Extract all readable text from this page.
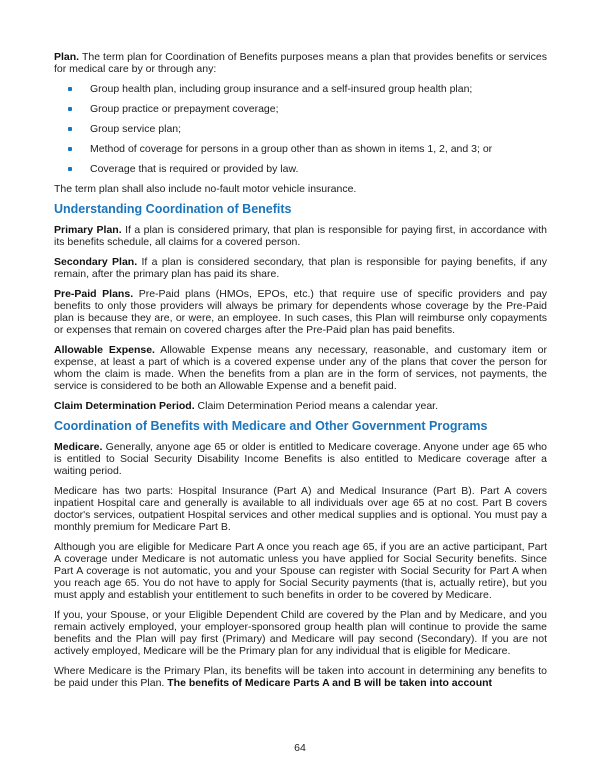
Plan. The term plan for Coordination of Benefits purposes means a plan that provides benefits or services for medical care by or through any:

Group health plan, including group insurance and a self-insured group health plan;
Group practice or prepayment coverage;
Group service plan;
Method of coverage for persons in a group other than as shown in items 1, 2, and 3; or
Coverage that is required or provided by law.

The term plan shall also include no-fault motor vehicle insurance.

Understanding Coordination of Benefits

Primary Plan. If a plan is considered primary, that plan is responsible for paying first, in accordance with its benefits schedule, all claims for a covered person.

Secondary Plan. If a plan is considered secondary, that plan is responsible for paying benefits, if any remain, after the primary plan has paid its share.

Pre-Paid Plans. Pre-Paid plans (HMOs, EPOs, etc.) that require use of specific providers and pay benefits to only those providers will always be primary for dependents whose coverage by the Pre-Paid plan is because they are, or were, an employee. In such cases, this Plan will reimburse only copayments or expenses that remain on covered charges after the Pre-Paid plan has paid benefits.

Allowable Expense. Allowable Expense means any necessary, reasonable, and customary item or expense, at least a part of which is a covered expense under any of the plans that cover the person for whom the claim is made. When the benefits from a plan are in the form of services, not payments, the service is considered to be both an Allowable Expense and a benefit paid.

Claim Determination Period. Claim Determination Period means a calendar year.

Coordination of Benefits with Medicare and Other Government Programs

Medicare. Generally, anyone age 65 or older is entitled to Medicare coverage. Anyone under age 65 who is entitled to Social Security Disability Income Benefits is also entitled to Medicare coverage after a waiting period.

Medicare has two parts: Hospital Insurance (Part A) and Medical Insurance (Part B). Part A covers inpatient Hospital care and generally is available to all individuals over age 65 at no cost. Part B covers doctor's services, outpatient Hospital services and other medical supplies and is optional. You must pay a monthly premium for Medicare Part B.

Although you are eligible for Medicare Part A once you reach age 65, if you are an active participant, Part A coverage under Medicare is not automatic unless you have applied for Social Security benefits. Since Part A coverage is not automatic, you and your Spouse can register with Social Security for Part A when you reach age 65. You do not have to apply for Social Security payments (that is, actually retire), but you must apply and establish your entitlement to such benefits in order to be covered by Medicare.

If you, your Spouse, or your Eligible Dependent Child are covered by the Plan and by Medicare, and you remain actively employed, your employer-sponsored group health plan will continue to provide the same benefits and the Plan will pay first (Primary) and Medicare will pay second (Secondary). If you are not actively employed, Medicare will be the Primary plan for any individual that is eligible for Medicare.

Where Medicare is the Primary Plan, its benefits will be taken into account in determining any benefits to be paid under this Plan. The benefits of Medicare Parts A and B will be taken into account

64
